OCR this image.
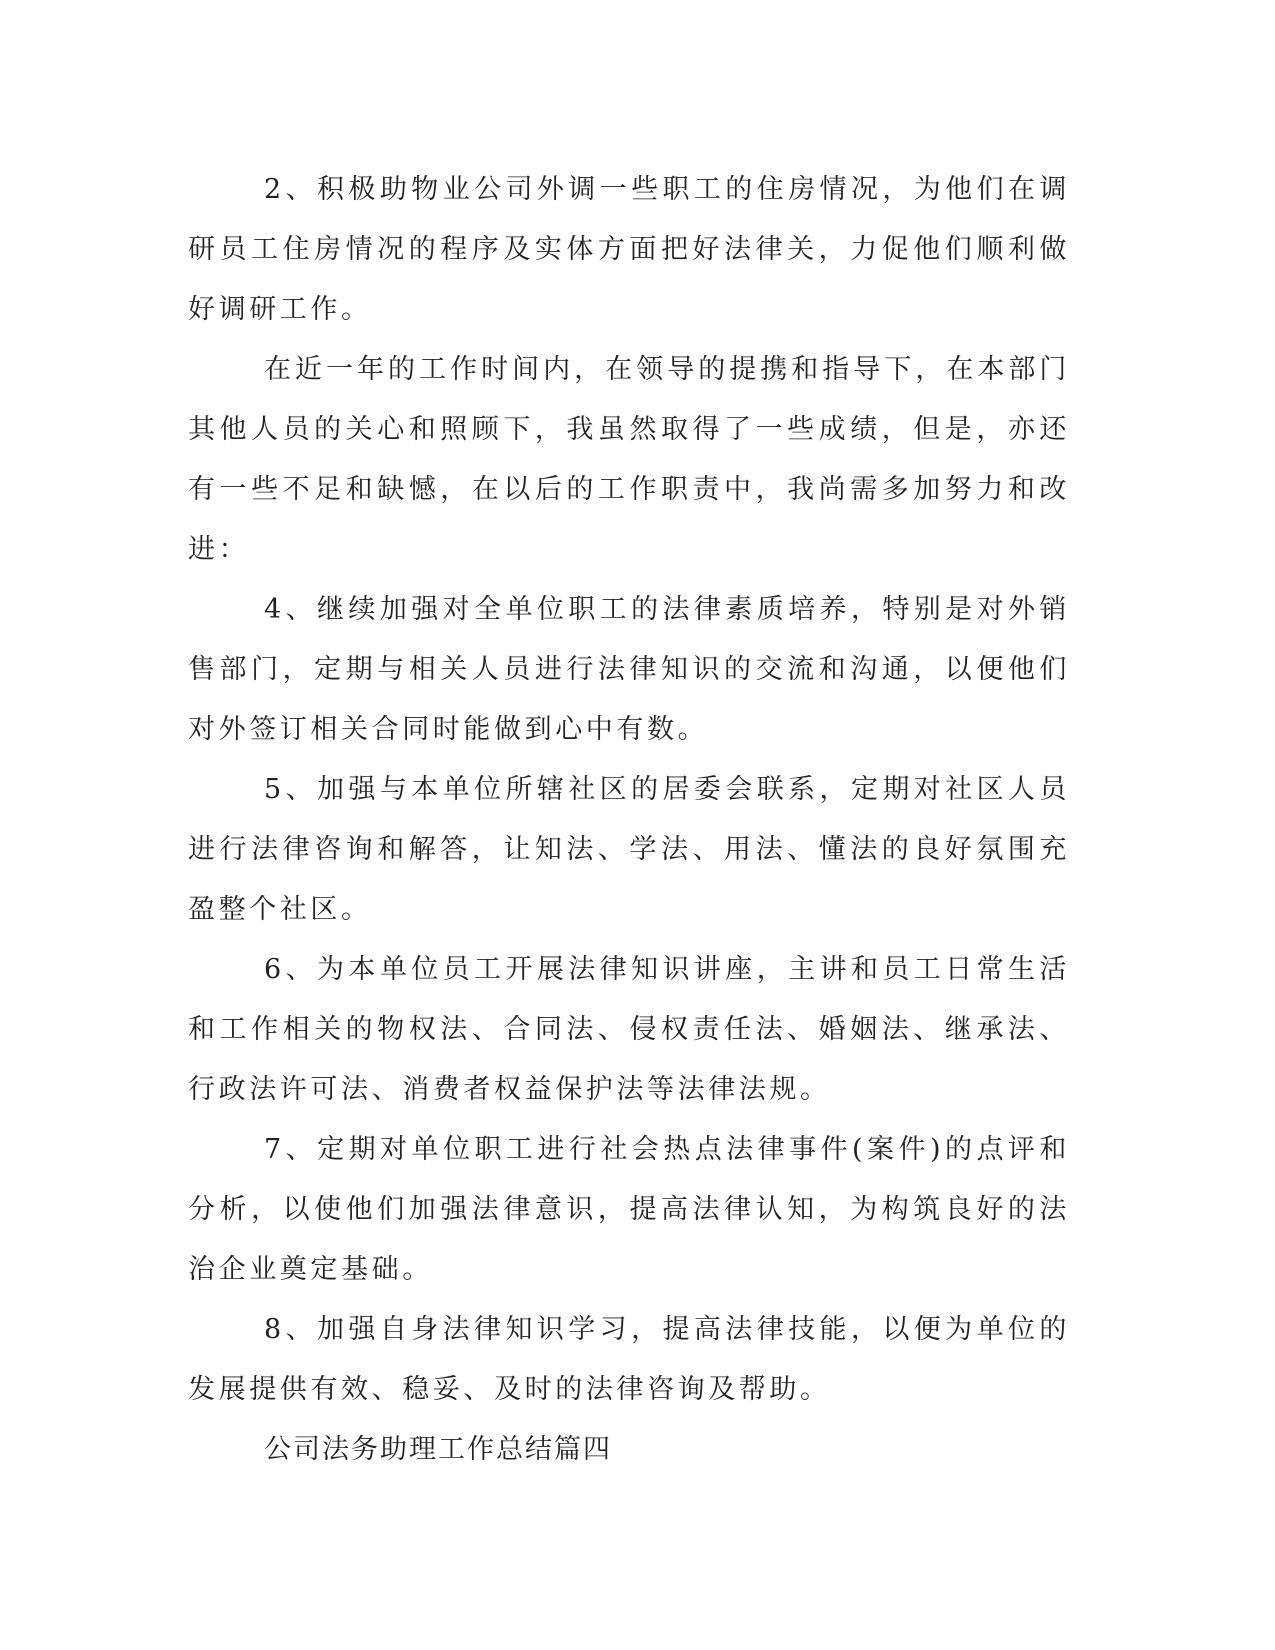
2、积极助物业公司外调一些职工的住房情况，为他们在调研员工住房情况的程序及实体方面把好法律关，力促他们顺利做好调研工作。

在近一年的工作时间内，在领导的提携和指导下，在本部门其他人员的关心和照顾下，我虽然取得了一些成绩，但是，亦还有一些不足和缺憾，在以后的工作职责中，我尚需多加努力和改进：

4、继续加强对全单位职工的法律素质培养，特别是对外销售部门，定期与相关人员进行法律知识的交流和沟通，以便他们对外签订相关合同时能做到心中有数。

5、加强与本单位所辖社区的居委会联系，定期对社区人员进行法律咨询和解答，让知法、学法、用法、懂法的良好氛围充盈整个社区。

6、为本单位员工开展法律知识讲座，主讲和员工日常生活和工作相关的物权法、合同法、侵权责任法、婚姻法、继承法、行政法许可法、消费者权益保护法等法律法规。

7、定期对单位职工进行社会热点法律事件(案件)的点评和分析，以使他们加强法律意识，提高法律认知，为构筑良好的法治企业奠定基础。

8、加强自身法律知识学习，提高法律技能，以便为单位的发展提供有效、稳妥、及时的法律咨询及帮助。

公司法务助理工作总结篇四
